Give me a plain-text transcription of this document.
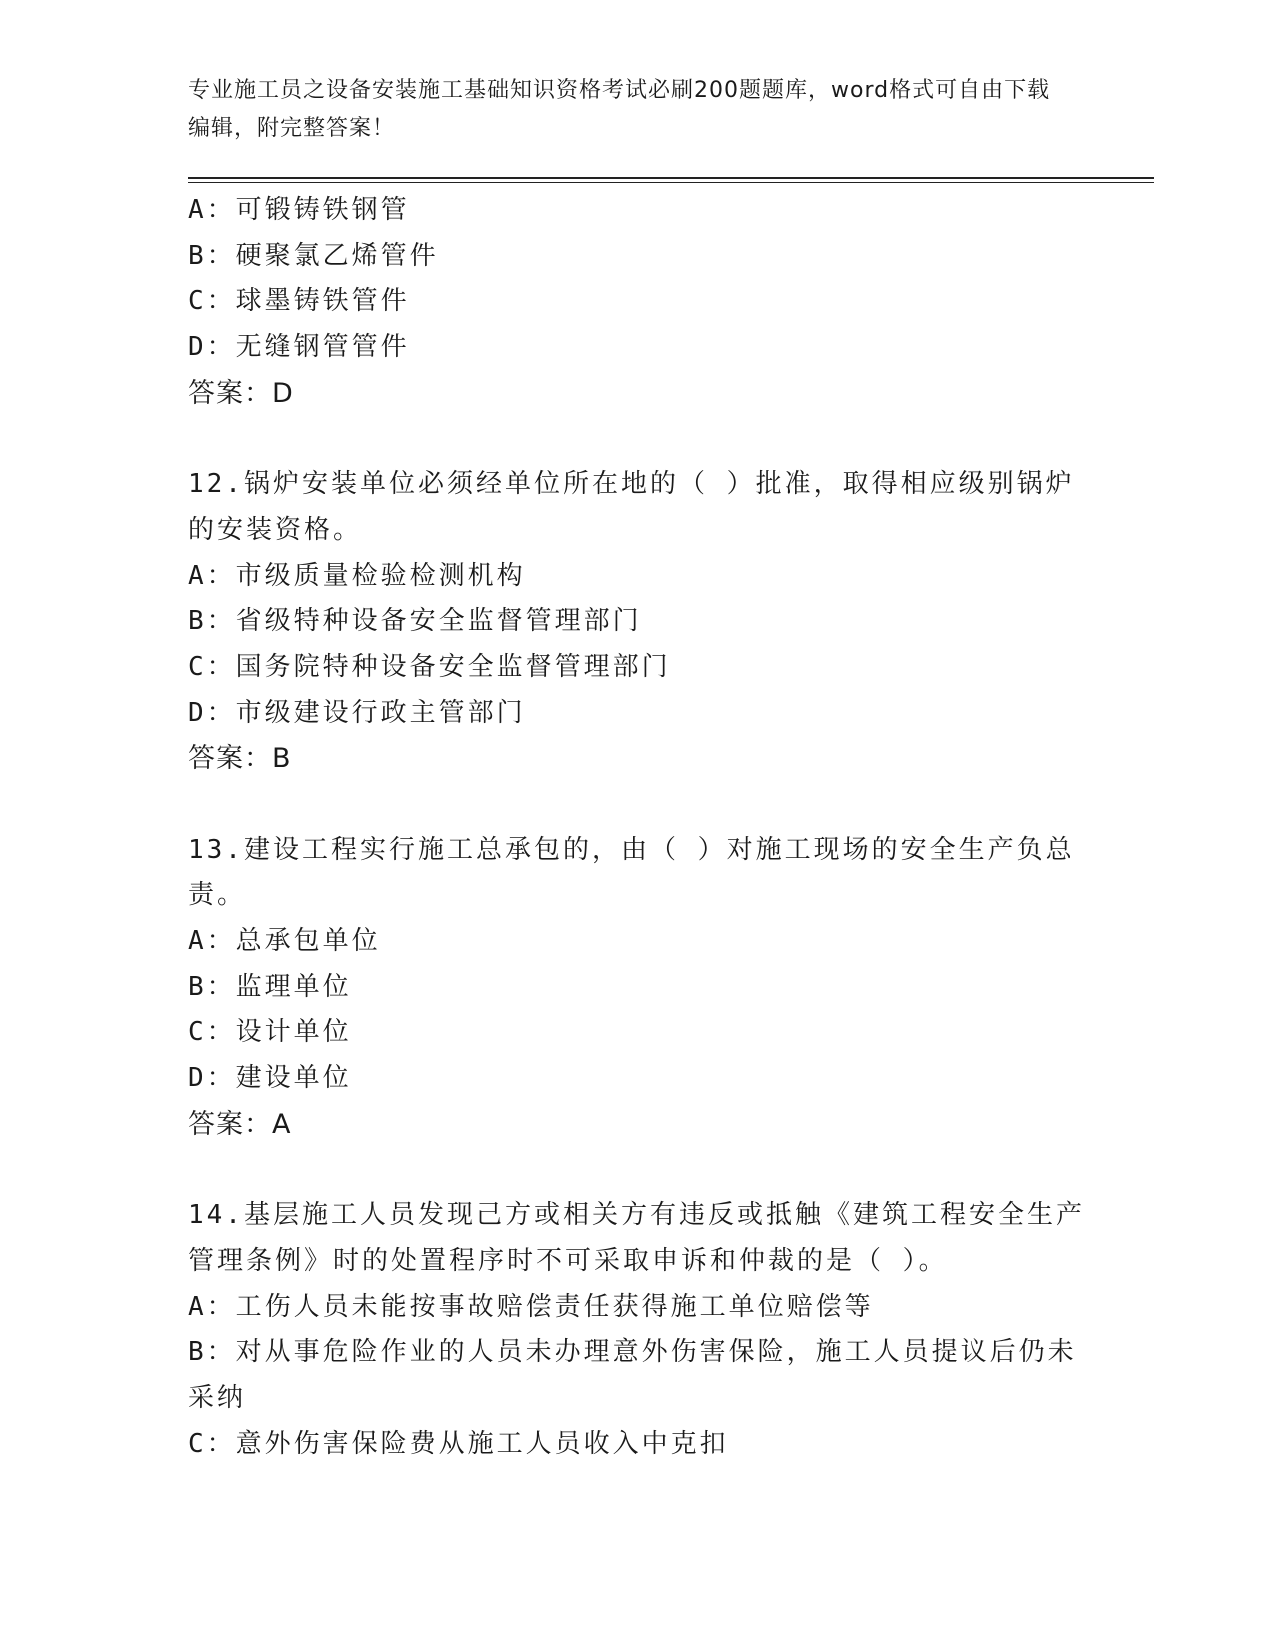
专业施工员之设备安装施工基础知识资格考试必刷200题题库，word格式可自由下载编辑，附完整答案！
A：可锻铸铁钢管
B：硬聚氯乙烯管件
C：球墨铸铁管件
D：无缝钢管管件
答案：D
12.锅炉安装单位必须经单位所在地的（ ）批准，取得相应级别锅炉的安装资格。
A：市级质量检验检测机构
B：省级特种设备安全监督管理部门
C：国务院特种设备安全监督管理部门
D：市级建设行政主管部门
答案：B
13.建设工程实行施工总承包的，由（ ）对施工现场的安全生产负总责。
A：总承包单位
B：监理单位
C：设计单位
D：建设单位
答案：A
14.基层施工人员发现己方或相关方有违反或抵触《建筑工程安全生产管理条例》时的处置程序时不可采取申诉和仲裁的是（ ）。
A：工伤人员未能按事故赔偿责任获得施工单位赔偿等
B：对从事危险作业的人员未办理意外伤害保险，施工人员提议后仍未采纳
C：意外伤害保险费从施工人员收入中克扣
